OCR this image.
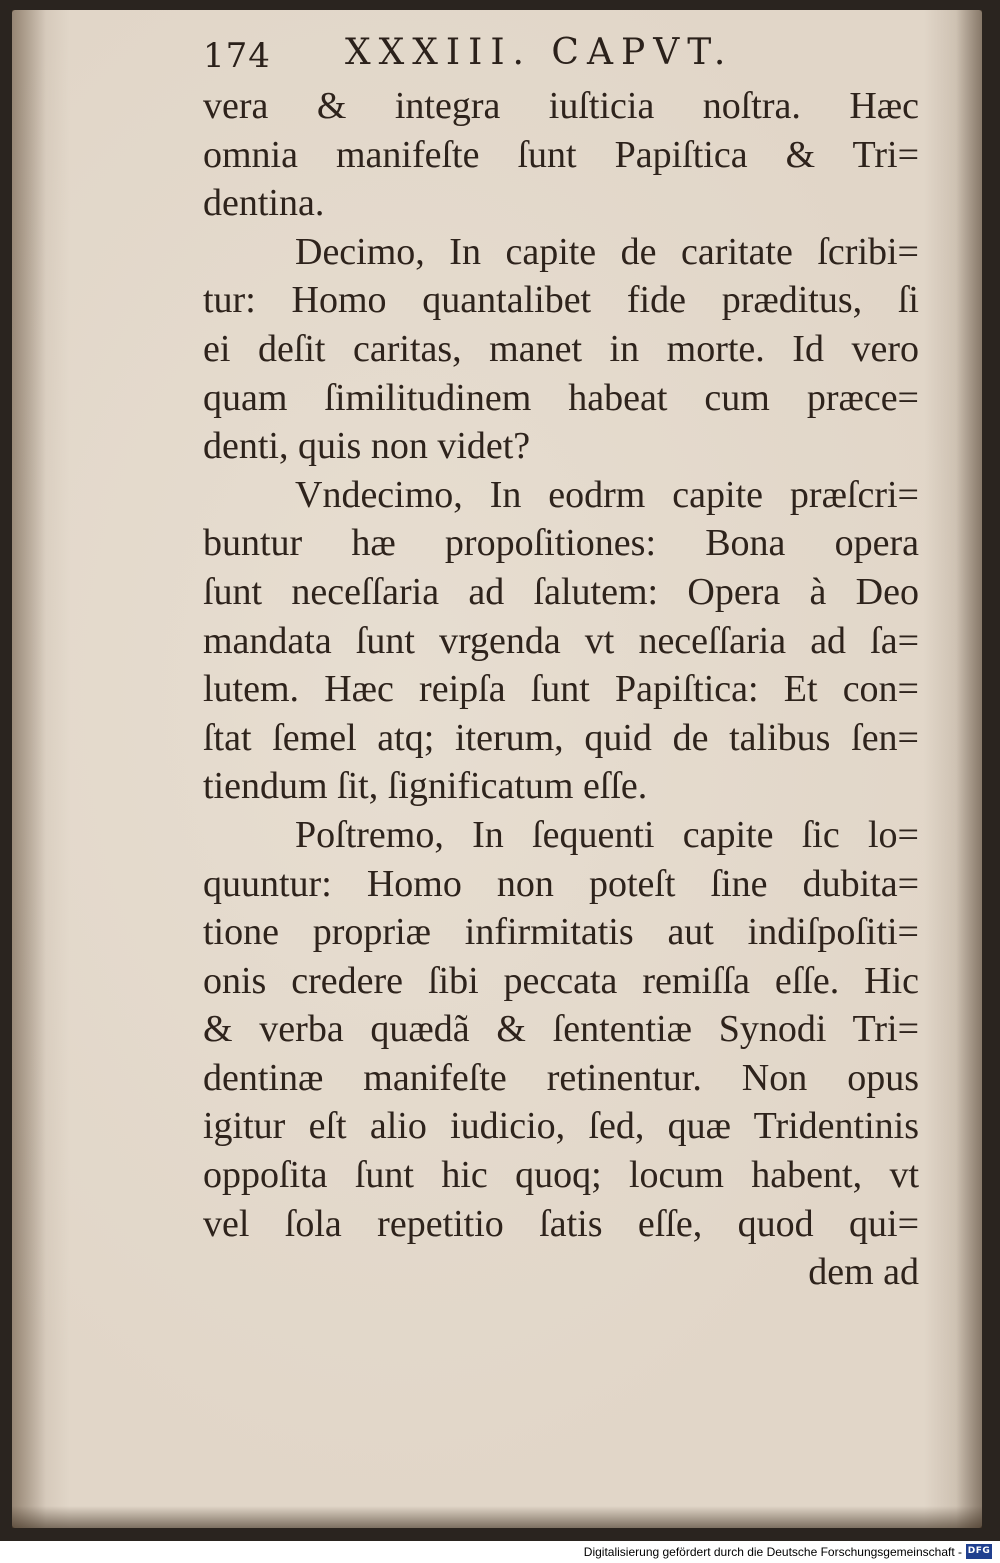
174 XXXIII. CAPVT.
vera & integra iuſticia noſtra. Hæc
omnia manifeſte ſunt Papiſtica & Tri=
dentina.
Decimo, In capite de caritate ſcribi=
tur: Homo quantalibet fide præditus, ſi
ei deſit caritas, manet in morte. Id vero
quam ſimilitudinem habeat cum præce=
denti, quis non videt?
Vndecimo, In eodrm capite præſcri=
buntur hæ propoſitiones: Bona opera
ſunt neceſſaria ad ſalutem: Opera à Deo
mandata ſunt vrgenda vt neceſſaria ad ſa=
lutem. Hæc reipſa ſunt Papiſtica: Et con=
ſtat ſemel atq; iterum, quid de talibus ſen=
tiendum ſit, ſignificatum eſſe.
Poſtremo, In ſequenti capite ſic lo=
quuntur: Homo non poteſt ſine dubita=
tione propriæ infirmitatis aut indiſpoſiti=
onis credere ſibi peccata remiſſa eſſe. Hic
& verba quædã & ſententiæ Synodi Tri=
dentinæ manifeſte retinentur. Non opus
igitur eſt alio iudicio, ſed, quæ Tridentinis
oppoſita ſunt hic quoq; locum habent, vt
vel ſola repetitio ſatis eſſe, quod qui=
dem ad
Digitalisierung gefördert durch die Deutsche Forschungsgemeinschaft - DFG
